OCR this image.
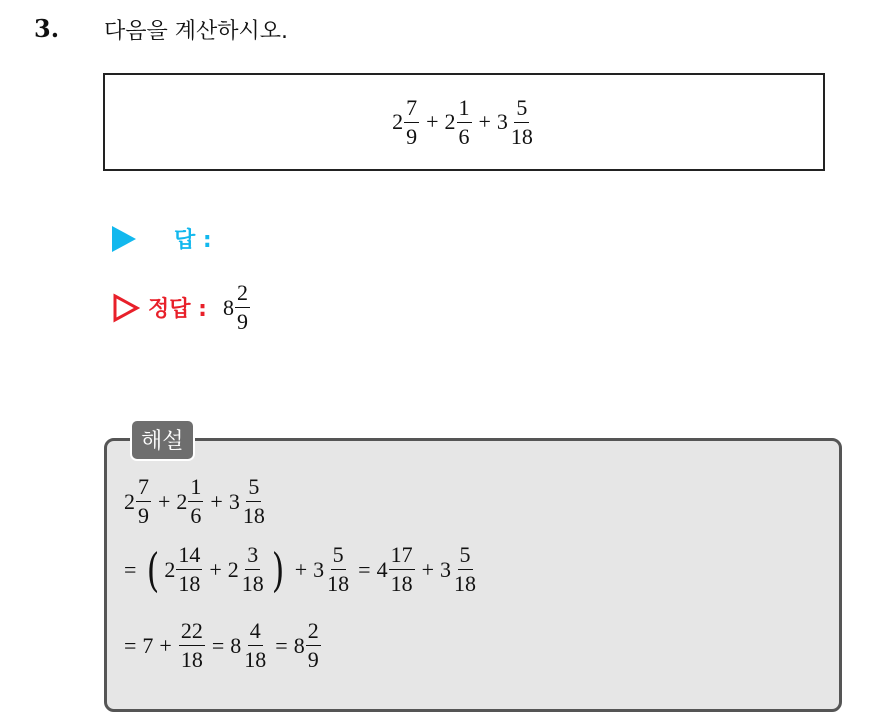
3. 다음을 계산하시오.
$2 \frac{7}{9} + 2 \frac{1}{6} + 3 \frac{5}{18}$
답 :
정답 : $8 \frac{2}{9}$
해설
$2 \frac{7}{9} + 2 \frac{1}{6} + 3 \frac{5}{18}$
= ( $2 \frac{14}{18} + 2 \frac{3}{18}$ ) + $3 \frac{5}{18} = 4 \frac{17}{18} + 3 \frac{5}{18}$
= $7 + \frac{22}{18} = 8 \frac{4}{18} = 8 \frac{2}{9}$
